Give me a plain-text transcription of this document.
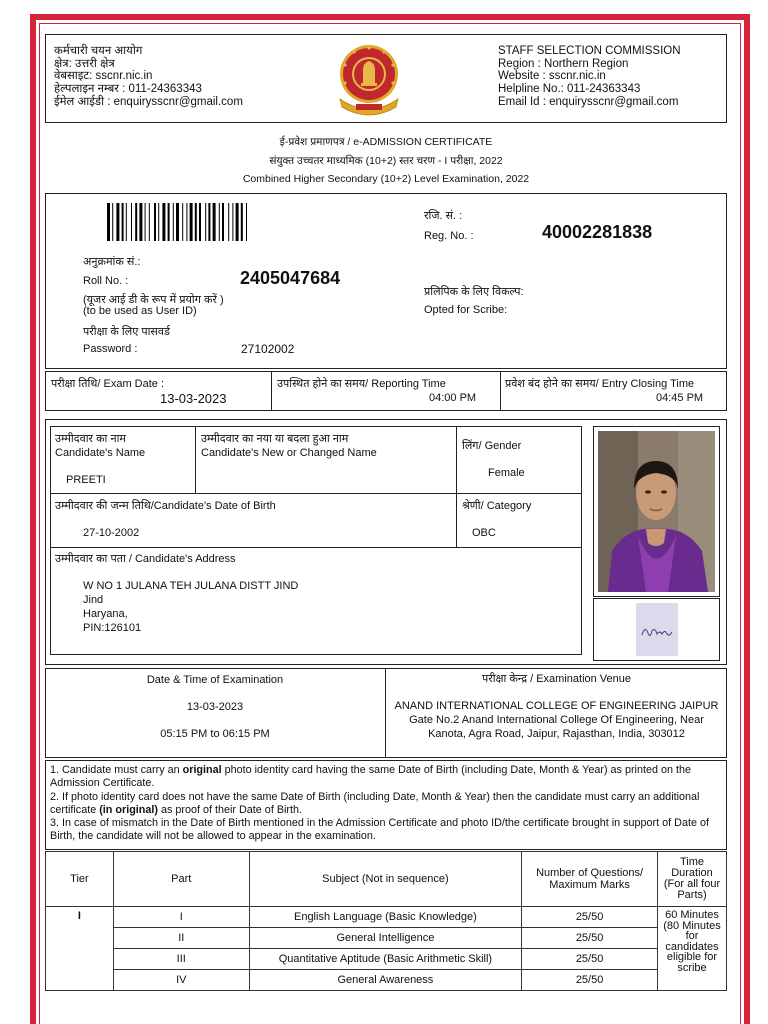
कर्मचारी चयन आयोग
क्षेत्र: उत्तरी क्षेत्र
वेबसाइट: sscnr.nic.in
हेल्पलाइन नम्बर : 011-24363343
ईमेल आईडी : enquirysscnr@gmail.com
STAFF SELECTION COMMISSION
Region : Northern Region
Website : sscnr.nic.in
Helpline No.: 011-24363343
Email Id : enquirysscnr@gmail.com
ई-प्रवेश प्रमाणपत्र / e-ADMISSION CERTIFICATE
संयुक्त उच्चतर माध्यमिक (10+2) स्तर चरण - I परीक्षा, 2022
Combined Higher Secondary (10+2) Level Examination, 2022
रजि. सं. :
Reg. No. :	40002281838
अनुक्रमांक सं.:
Roll No. :	2405047684
(यूजर आई डी के रूप में प्रयोग करें )
(to be used as User ID)
प्रलिपिक के लिए विकल्प:
Opted for Scribe:
परीक्षा के लिए पासवर्ड
Password :	27102002
परीक्षा तिथि/ Exam Date :
13-03-2023
उपस्थित होने का समय/ Reporting Time
04:00 PM
प्रवेश बंद होने का समय/ Entry Closing Time
04:45 PM
उम्मीदवार का नाम
Candidate's Name
PREETI
उम्मीदवार का नया या बदला हुआ नाम
Candidate's New or Changed Name
लिंग/ Gender
Female
उम्मीदवार की जन्म तिथि/Candidate's Date of Birth
27-10-2002
श्रेणी/ Category
OBC
उम्मीदवार का पता / Candidate's Address
W NO 1 JULANA TEH JULANA DISTT JIND
Jind
Haryana,
PIN:126101
Date & Time of Examination
13-03-2023
05:15 PM to 06:15 PM
परीक्षा केन्द्र / Examination Venue
ANAND INTERNATIONAL COLLEGE OF ENGINEERING JAIPUR
Gate No.2 Anand International College Of Engineering, Near
Kanota, Agra Road, Jaipur, Rajasthan, India, 303012

1. Candidate must carry an original photo identity card having the same Date of Birth (including Date, Month & Year) as printed on the Admission Certificate.

2. If photo identity card does not have the same Date of Birth (including Date, Month & Year) then the candidate must carry an additional certificate (in original) as proof of their Date of Birth.

3. In case of mismatch in the Date of Birth mentioned in the Admission Certificate and photo ID/the certificate brought in support of Date of Birth, the candidate will not be allowed to appear in the examination.

Tier	Part	Subject (Not in sequence)	Number of Questions/ Maximum Marks	Time Duration (For all four Parts)
I	I	English Language (Basic Knowledge)	25/50	60 Minutes (80 Minutes for candidates eligible for scribe
	II	General Intelligence	25/50	
	III	Quantitative Aptitude (Basic Arithmetic Skill)	25/50	
	IV	General Awareness	25/50	
